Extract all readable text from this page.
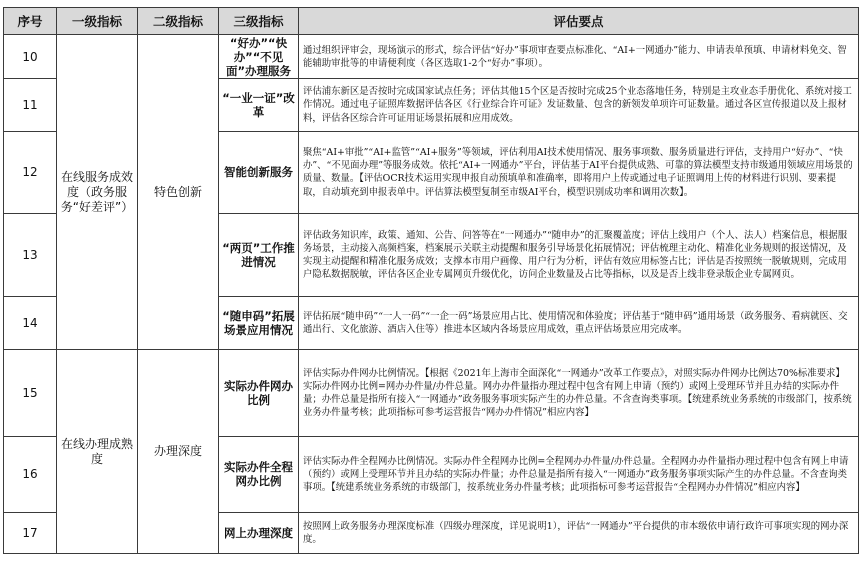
序号	一级指标	二级指标	三级指标	评估要点
10	在线服务成效度（政务服务“好差评”）	特色创新	“好办”“快办”“不见面”办理服务	通过组织评审会，现场演示的形式，综合评估“好办”事项审查要点标准化、“AI+一网通办”能力、申请表单预填、申请材料免交、智能辅助审批等的申请便利度（各区选取1-2个“好办”事项）。
11			“一业一证”改革	评估浦东新区是否按时完成国家试点任务；评估其他15个区是否按时完成25个业态落地任务，特别是主攻业态手册优化、系统对接工作情况。通过电子证照库数据评估各区《行业综合许可证》发证数量、包含的新领发单项许可证数量。通过各区宣传报道以及上报材料，评估各区综合许可证用证场景拓展和应用成效。
12			智能创新服务	聚焦“AI+审批”“AI+监管”“AI+服务”等领域，评估利用AI技术使用情况、服务事项数、服务质量进行评估，支持用户“好办”、“快办”、“不见面办理”等服务成效。依托“AI+一网通办”平台，评估基于AI平台提供成熟、可靠的算法模型支持市级通用领域应用场景的质量、数量。【评估OCR技术运用实现申报自动预填单和准确率，即将用户上传或通过电子证照调用上传的材料进行识别、要素提取，自动填充到申报表单中。评估算法模型复制至市级AI平台，模型识别成功率和调用次数】。
13			“两页”工作推进情况	评估政务知识库，政策、通知、公告、问答等在“一网通办”“随申办”的汇聚覆盖度；评估上线用户（个人、法人）档案信息，根据服务场景，主动接入高频档案，档案展示关联主动提醒和服务引导场景化拓展情况；评估梳理主动化、精准化业务规则的报送情况，及实现主动提醒和精准化服务成效；支撑本市用户画像、用户行为分析，评估有效应用标签占比；评估是否按照统一脱敏规则，完成用户隐私数据脱敏，评估各区企业专属网页升级优化，访问企业数量及占比等指标，以及是否上线非登录版企业专属网页。
14			“随申码”拓展场景应用情况	评估拓展“随申码”“一人一码”“一企一码”场景应用占比、使用情况和体验度；评估基于“随申码”通用场景（政务服务、看病就医、交通出行、文化旅游、酒店入住等）推进本区域内各场景应用成效，重点评估场景应用完成率。
15	在线办理成熟度	办理深度	实际办件网办比例	评估实际办件网办比例情况。【根据《2021年上海市全面深化“一网通办”改革工作要点》，对照实际办件网办比例达70%标准要求】实际办件网办比例=网办办件量/办件总量。网办办件量指办理过程中包含有网上申请（预约）或网上受理环节并且办结的实际办件量；办件总量是指所有接入“一网通办”政务服务事项实际产生的办件总量。不含查询类事项。【统建系统业务系统的市级部门，按系统业务办件量考核；此项指标可参考运营报告“网办办件情况”相应内容】
16			实际办件全程网办比例	评估实际办件全程网办比例情况。实际办件全程网办比例=全程网办办件量/办件总量。全程网办办件量指办理过程中包含有网上申请（预约）或网上受理环节并且办结的实际办件量；办件总量是指所有接入“一网通办”政务服务事项实际产生的办件总量。不含查询类事项。【统建系统业务系统的市级部门，按系统业务办件量考核；此项指标可参考运营报告“全程网办办件情况”相应内容】
17			网上办理深度	按照网上政务服务办理深度标准（四级办理深度，详见说明1），评估“一网通办”平台提供的市本级依申请行政许可事项实现的网办深度。
